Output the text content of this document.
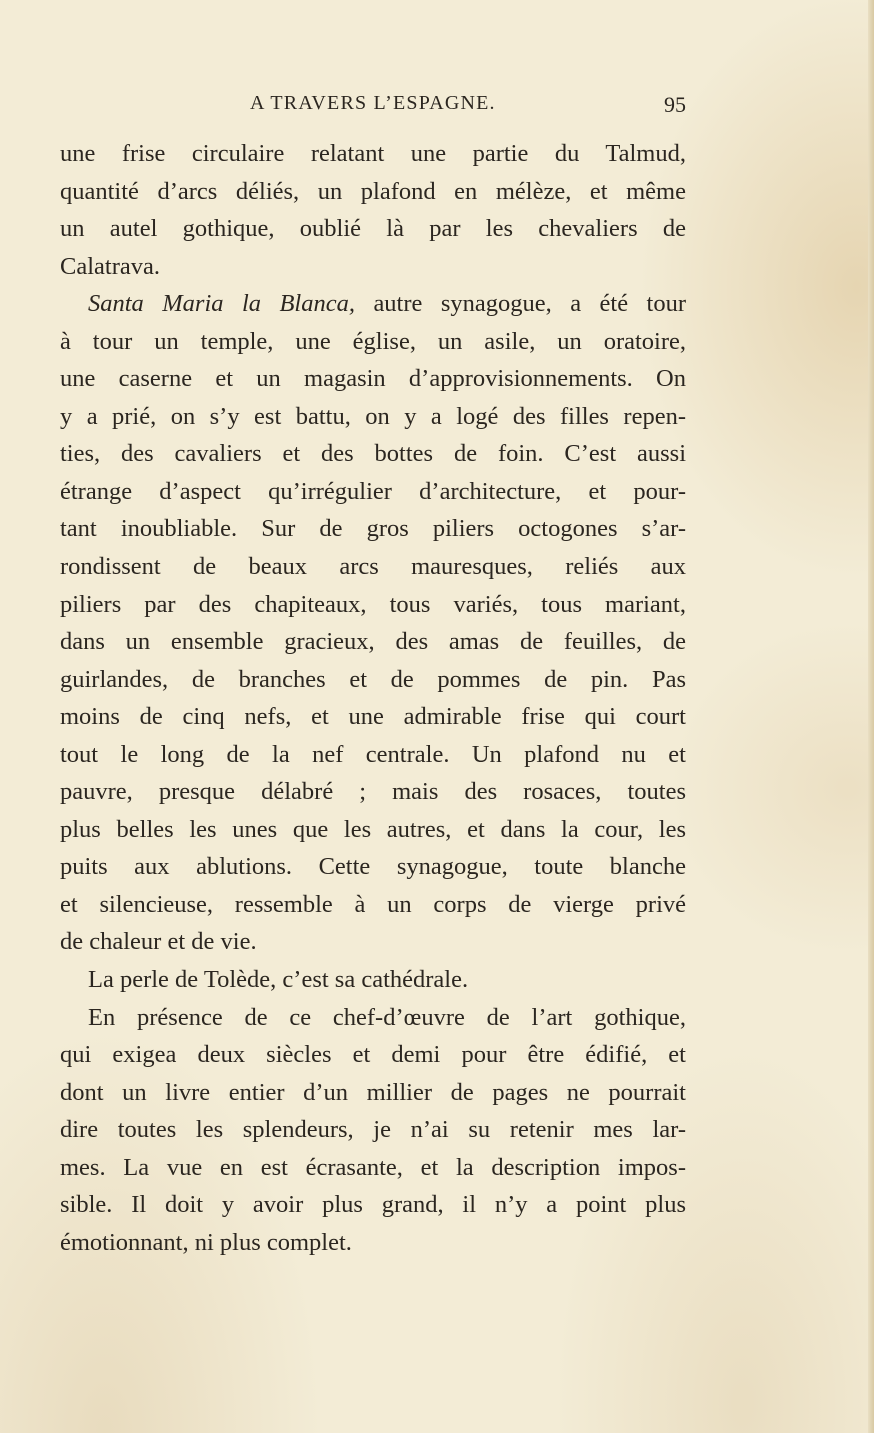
A TRAVERS L’ESPAGNE.	95
une frise circulaire relatant une partie du Talmud,
quantité d’arcs déliés, un plafond en mélèze, et même
un autel gothique, oublié là par les chevaliers de
Calatrava.
Santa Maria la Blanca, autre synagogue, a été tour
à tour un temple, une église, un asile, un oratoire,
une caserne et un magasin d’approvisionnements. On
y a prié, on s’y est battu, on y a logé des filles repen-
ties, des cavaliers et des bottes de foin. C’est aussi
étrange d’aspect qu’irrégulier d’architecture, et pour-
tant inoubliable. Sur de gros piliers octogones s’ar-
rondissent de beaux arcs mauresques, reliés aux
piliers par des chapiteaux, tous variés, tous mariant,
dans un ensemble gracieux, des amas de feuilles, de
guirlandes, de branches et de pommes de pin. Pas
moins de cinq nefs, et une admirable frise qui court
tout le long de la nef centrale. Un plafond nu et
pauvre, presque délabré ; mais des rosaces, toutes
plus belles les unes que les autres, et dans la cour, les
puits aux ablutions. Cette synagogue, toute blanche
et silencieuse, ressemble à un corps de vierge privé
de chaleur et de vie.
La perle de Tolède, c’est sa cathédrale.
En présence de ce chef-d’œuvre de l’art gothique,
qui exigea deux siècles et demi pour être édifié, et
dont un livre entier d’un millier de pages ne pourrait
dire toutes les splendeurs, je n’ai su retenir mes lar-
mes. La vue en est écrasante, et la description impos-
sible. Il doit y avoir plus grand, il n’y a point plus
émotionnant, ni plus complet.
